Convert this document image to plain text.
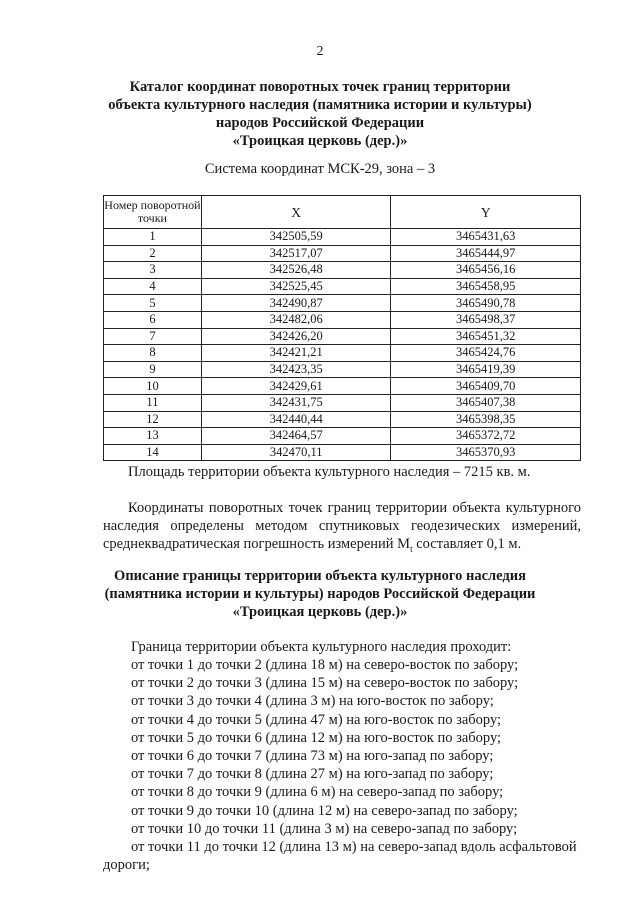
2
Каталог координат поворотных точек границ территории
объекта культурного наследия (памятника истории и культуры)
народов Российской Федерации
«Троицкая церковь (дер.)»
Система координат МСК-29, зона – 3
Номер поворотной точки	X	Y
1	342505,59	3465431,63
2	342517,07	3465444,97
3	342526,48	3465456,16
4	342525,45	3465458,95
5	342490,87	3465490,78
6	342482,06	3465498,37
7	342426,20	3465451,32
8	342421,21	3465424,76
9	342423,35	3465419,39
10	342429,61	3465409,70
11	342431,75	3465407,38
12	342440,44	3465398,35
13	342464,57	3465372,72
14	342470,11	3465370,93
Площадь территории объекта культурного наследия – 7215 кв. м.
Координаты поворотных точек границ территории объекта культурного
наследия определены методом спутниковых геодезических измерений,
среднеквадратическая погрешность измерений $M_t$ составляет 0,1 м.
Описание границы территории объекта культурного наследия
(памятника истории и культуры) народов Российской Федерации
«Троицкая церковь (дер.)»
Граница территории объекта культурного наследия проходит:
от точки 1 до точки 2 (длина 18 м) на северо-восток по забору;
от точки 2 до точки 3 (длина 15 м) на северо-восток по забору;
от точки 3 до точки 4 (длина 3 м) на юго-восток по забору;
от точки 4 до точки 5 (длина 47 м) на юго-восток по забору;
от точки 5 до точки 6 (длина 12 м) на юго-восток по забору;
от точки 6 до точки 7 (длина 73 м) на юго-запад по забору;
от точки 7 до точки 8 (длина 27 м) на юго-запад по забору;
от точки 8 до точки 9 (длина 6 м) на северо-запад по забору;
от точки 9 до точки 10 (длина 12 м) на северо-запад по забору;
от точки 10 до точки 11 (длина 3 м) на северо-запад по забору;
от точки 11 до точки 12 (длина 13 м) на северо-запад вдоль асфальтовой
дороги;
